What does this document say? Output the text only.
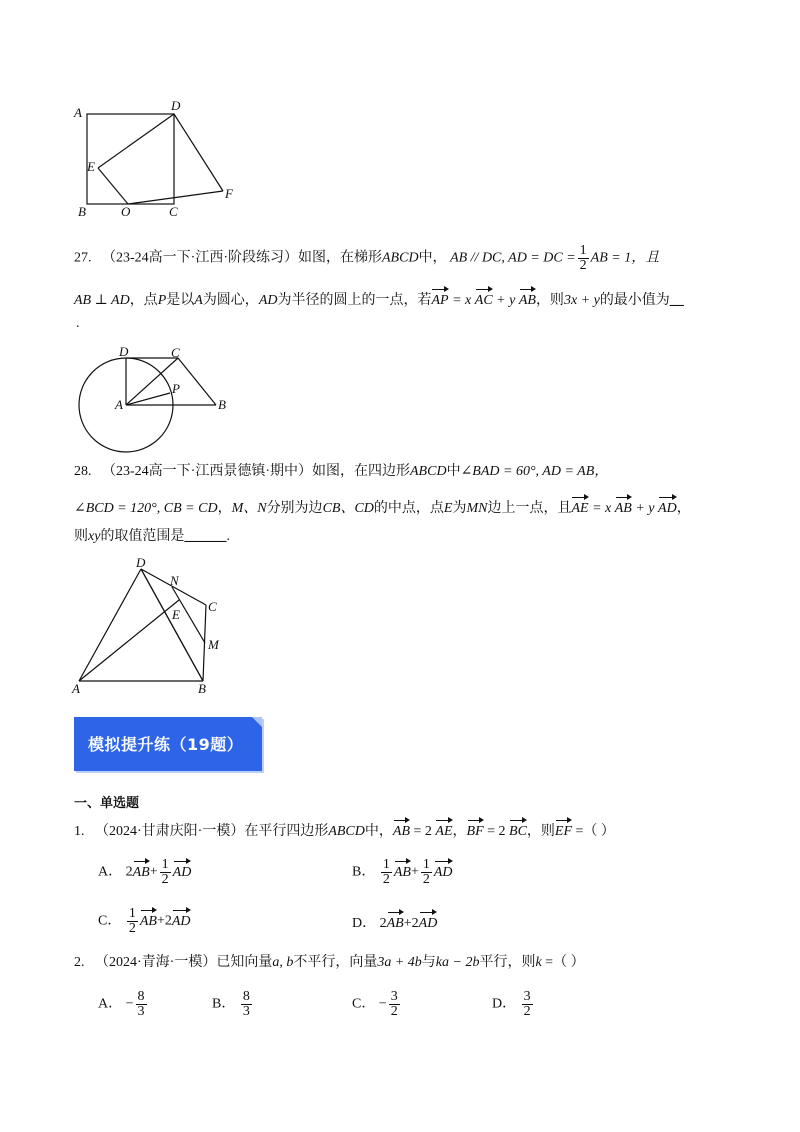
A	D
E
F
B	O	C
27. （23-24高一下·江西·阶段练习）如图，在梯形ABCD中， AB // DC, AD = DC = $\frac{1}{2}$ AB = 1，且
AB ⊥ AD，点P是以A为圆心，AD为半径的圆上的一点，若AP = x AC + y AB，则3x + y的最小值为__
.
D	C
P
A	B
28. （23-24高一下·江西景德镇·期中）如图，在四边形ABCD中∠BAD = 60°, AD = AB，
∠BCD = 120°, CB = CD，M、N分别为边CB、CD的中点，点E为MN边上一点，且AE = x AB + y AD，
则xy的取值范围是______.
D
N
C
E
M
A	B
模拟提升练（19题）
一、单选题
1. （2024·甘肃庆阳·一模）在平行四边形ABCD中，AB = 2 AE，BF = 2 BC，则EF =（ ）
A． $2AB+ \frac{1}{2}$ AD	B． $\frac{1}{2} AB+ \frac{1}{2}$ AD
C． $\frac{1}{2} AB+2AD$	D． 2AB+2AD
2. （2024·青海·一模）已知向量a, b不平行，向量3a + 4b与ka − 2b平行，则k =（ ）
A． − $\frac{8}{3}$	B． $\frac{8}{3}$	C． − $\frac{3}{2}$	D． $\frac{3}{2}$
